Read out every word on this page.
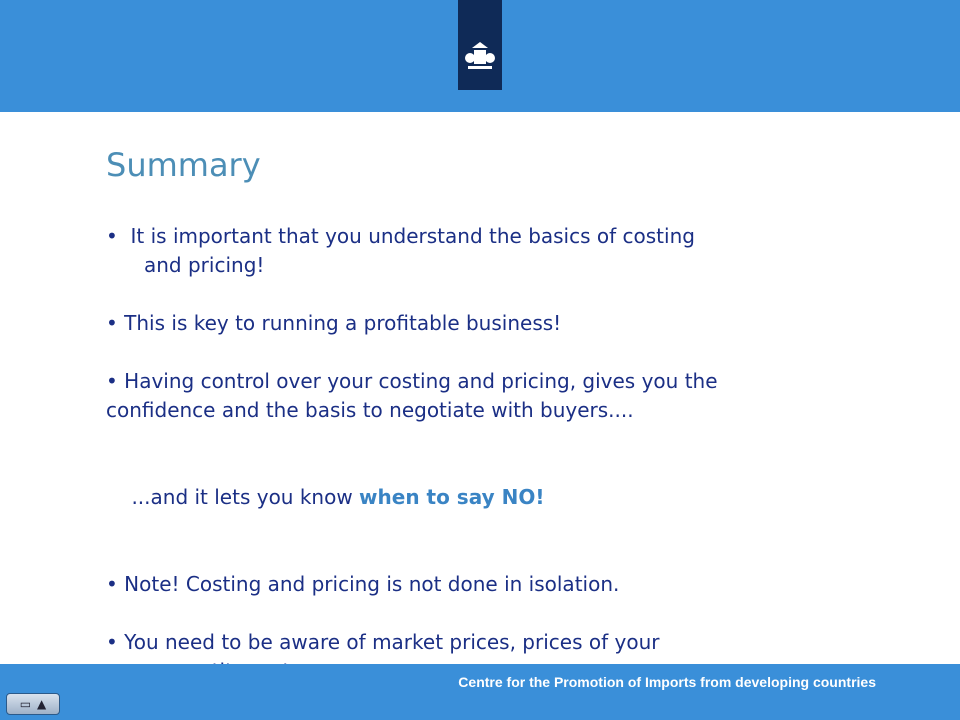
Summary

•  It is important that you understand the basics of costing

and pricing!

• This is key to running a profitable business!

• Having control over your costing and pricing, gives you the

confidence and the basis to negotiate with buyers....

...and it lets you know when to say NO!

• Note! Costing and pricing is not done in isolation.

• You need to be aware of market prices, prices of your

Centre for the Promotion of Imports from developing countries
▭ ▲
